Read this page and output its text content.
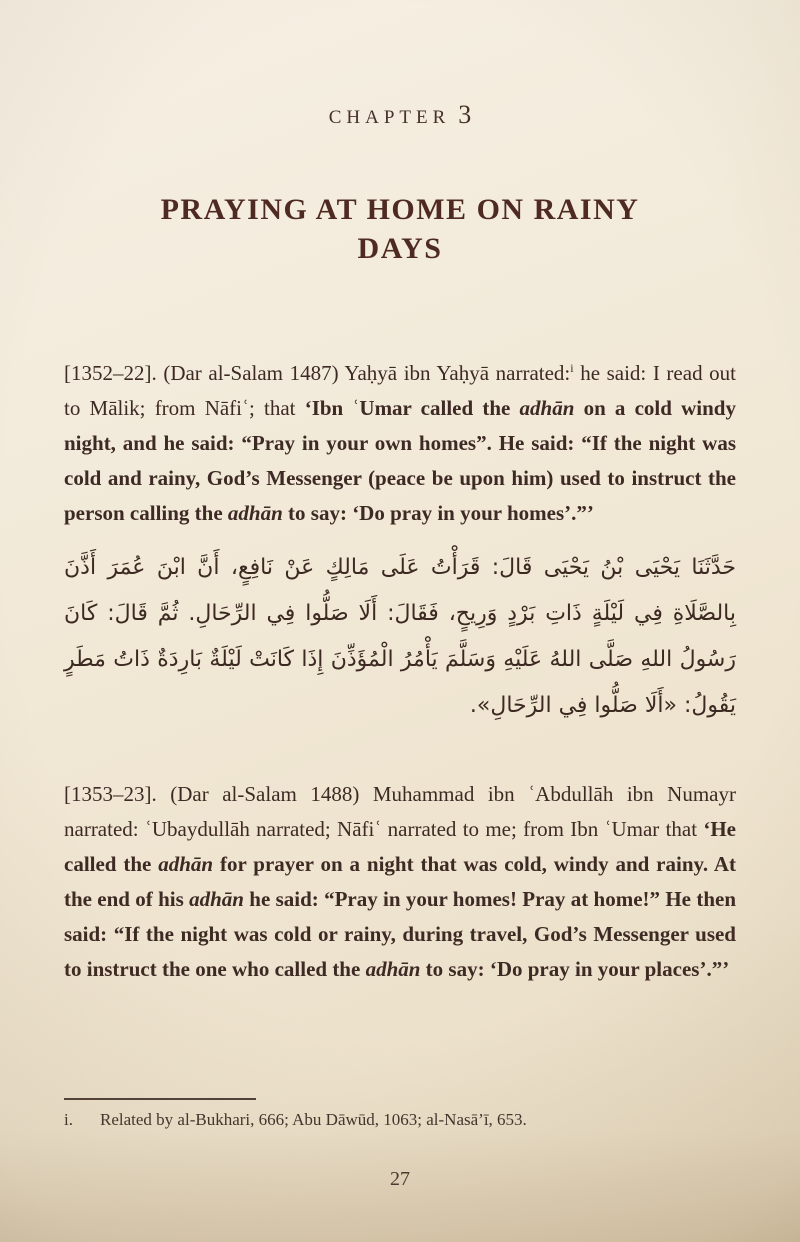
CHAPTER 3
PRAYING AT HOME ON RAINY DAYS

[1352–22]. (Dar al-Salam 1487) Yaḥyā ibn Yaḥyā narrated:$^i$ he said: I read out to Mālik; from Nāfiʿ; that ‘Ibn ʿUmar called the adhān on a cold windy night, and he said: “Pray in your own homes”. He said: “If the night was cold and rainy, God’s Messenger (peace be upon him) used to instruct the person calling the adhān to say: ‘Do pray in your homes’.”’

حَدَّثَنَا يَحْيَى بْنُ يَحْيَى قَالَ: قَرَأْتُ عَلَى مَالِكٍ عَنْ نَافِعٍ، أَنَّ ابْنَ عُمَرَ أَذَّنَ بِالصَّلَاةِ فِي لَيْلَةٍ ذَاتِ بَرْدٍ وَرِيحٍ، فَقَالَ: أَلَا صَلُّوا فِي الرِّحَالِ. ثُمَّ قَالَ: كَانَ رَسُولُ اللهِ صَلَّى اللهُ عَلَيْهِ وَسَلَّمَ يَأْمُرُ الْمُؤَذِّنَ إِذَا كَانَتْ لَيْلَةٌ بَارِدَةٌ ذَاتُ مَطَرٍ يَقُولُ: «أَلَا صَلُّوا فِي الرِّحَالِ».

[1353–23]. (Dar al-Salam 1488) Muhammad ibn ʿAbdullāh ibn Numayr narrated: ʿUbaydullāh narrated; Nāfiʿ narrated to me; from Ibn ʿUmar that ‘He called the adhān for prayer on a night that was cold, windy and rainy. At the end of his adhān he said: “Pray in your homes! Pray at home!” He then said: “If the night was cold or rainy, during travel, God’s Messenger used to instruct the one who called the adhān to say: ‘Do pray in your places’.”’

i.	Related by al-Bukhari, 666; Abu Dāwūd, 1063; al-Nasā’ī, 653.
27
